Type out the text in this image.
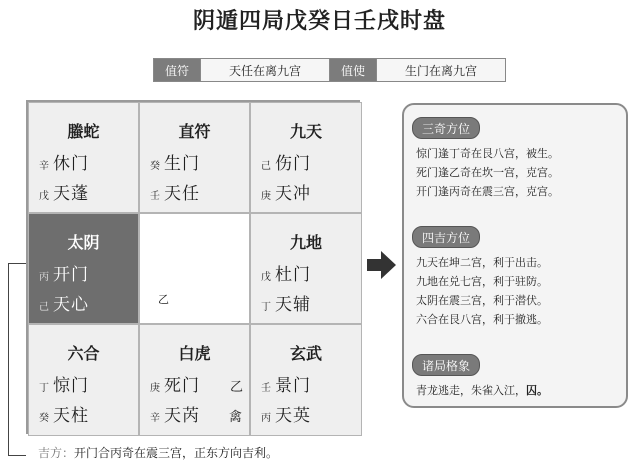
阴遁四局戊癸日壬戌时盘
值符	天任在离九宫	值使	生门在离九宫
螣蛇
辛 休门
戊 天蓬
直符
癸 生门
壬 天任
九天
己 伤门
庚 天冲
太阴
丙 开门
己 天心	乙
九地
戊 杜门
丁 天辅
六合
丁 惊门
癸 天柱
白虎
庚 死门 乙
辛 天芮 禽
玄武
壬 景门
丙 天英
三奇方位
惊门逢丁奇在艮八宫，被生。
死门逢乙奇在坎一宫，克宫。
开门逢丙奇在震三宫，克宫。
四吉方位
九天在坤二宫，利于出击。
九地在兑七宫，利于驻防。
太阴在震三宫，利于潜伏。
六合在艮八宫，利于撤逃。
诸局格象
青龙逃走，朱雀入江， 囚。
吉方：开门合丙奇在震三宫，正东方向吉利。
